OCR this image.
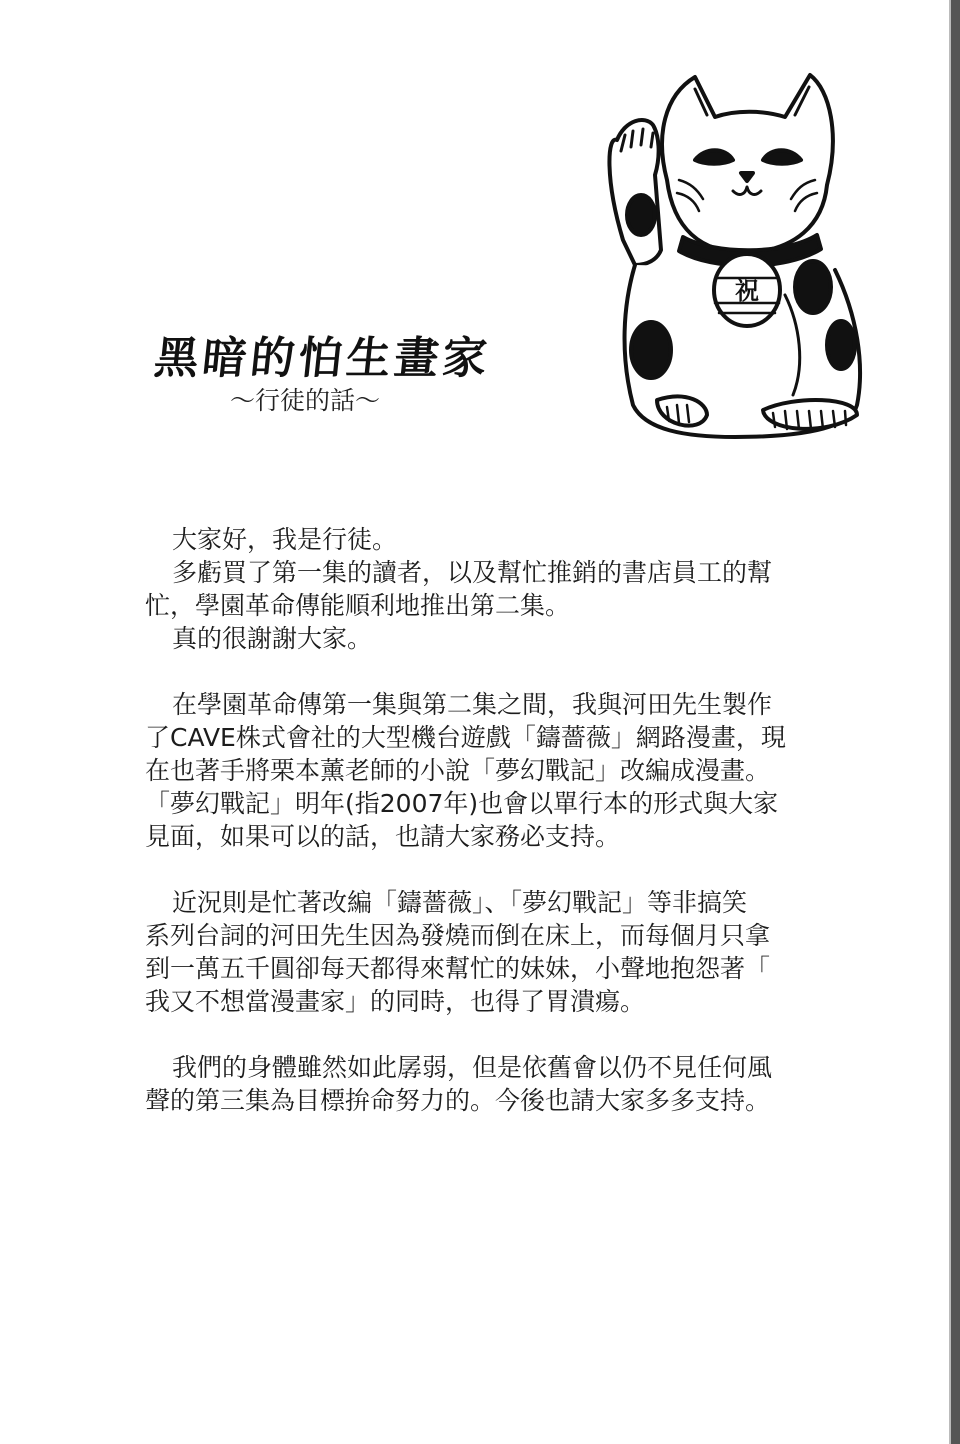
祝
黑暗的怕生畫家
～行徒的話～
大家好，我是行徒。
多虧買了第一集的讀者，以及幫忙推銷的書店員工的幫
忙，學園革命傳能順利地推出第二集。
真的很謝謝大家。
在學園革命傳第一集與第二集之間，我與河田先生製作
了CAVE株式會社的大型機台遊戲「鑄薔薇」網路漫畫，現
在也著手將栗本薰老師的小說「夢幻戰記」改編成漫畫。
「夢幻戰記」明年(指2007年)也會以單行本的形式與大家
見面，如果可以的話，也請大家務必支持。
近況則是忙著改編「鑄薔薇」、「夢幻戰記」等非搞笑
系列台詞的河田先生因為發燒而倒在床上，而每個月只拿
到一萬五千圓卻每天都得來幫忙的妹妹，小聲地抱怨著「
我又不想當漫畫家」的同時，也得了胃潰瘍。
我們的身體雖然如此孱弱，但是依舊會以仍不見任何風
聲的第三集為目標拚命努力的。今後也請大家多多支持。
